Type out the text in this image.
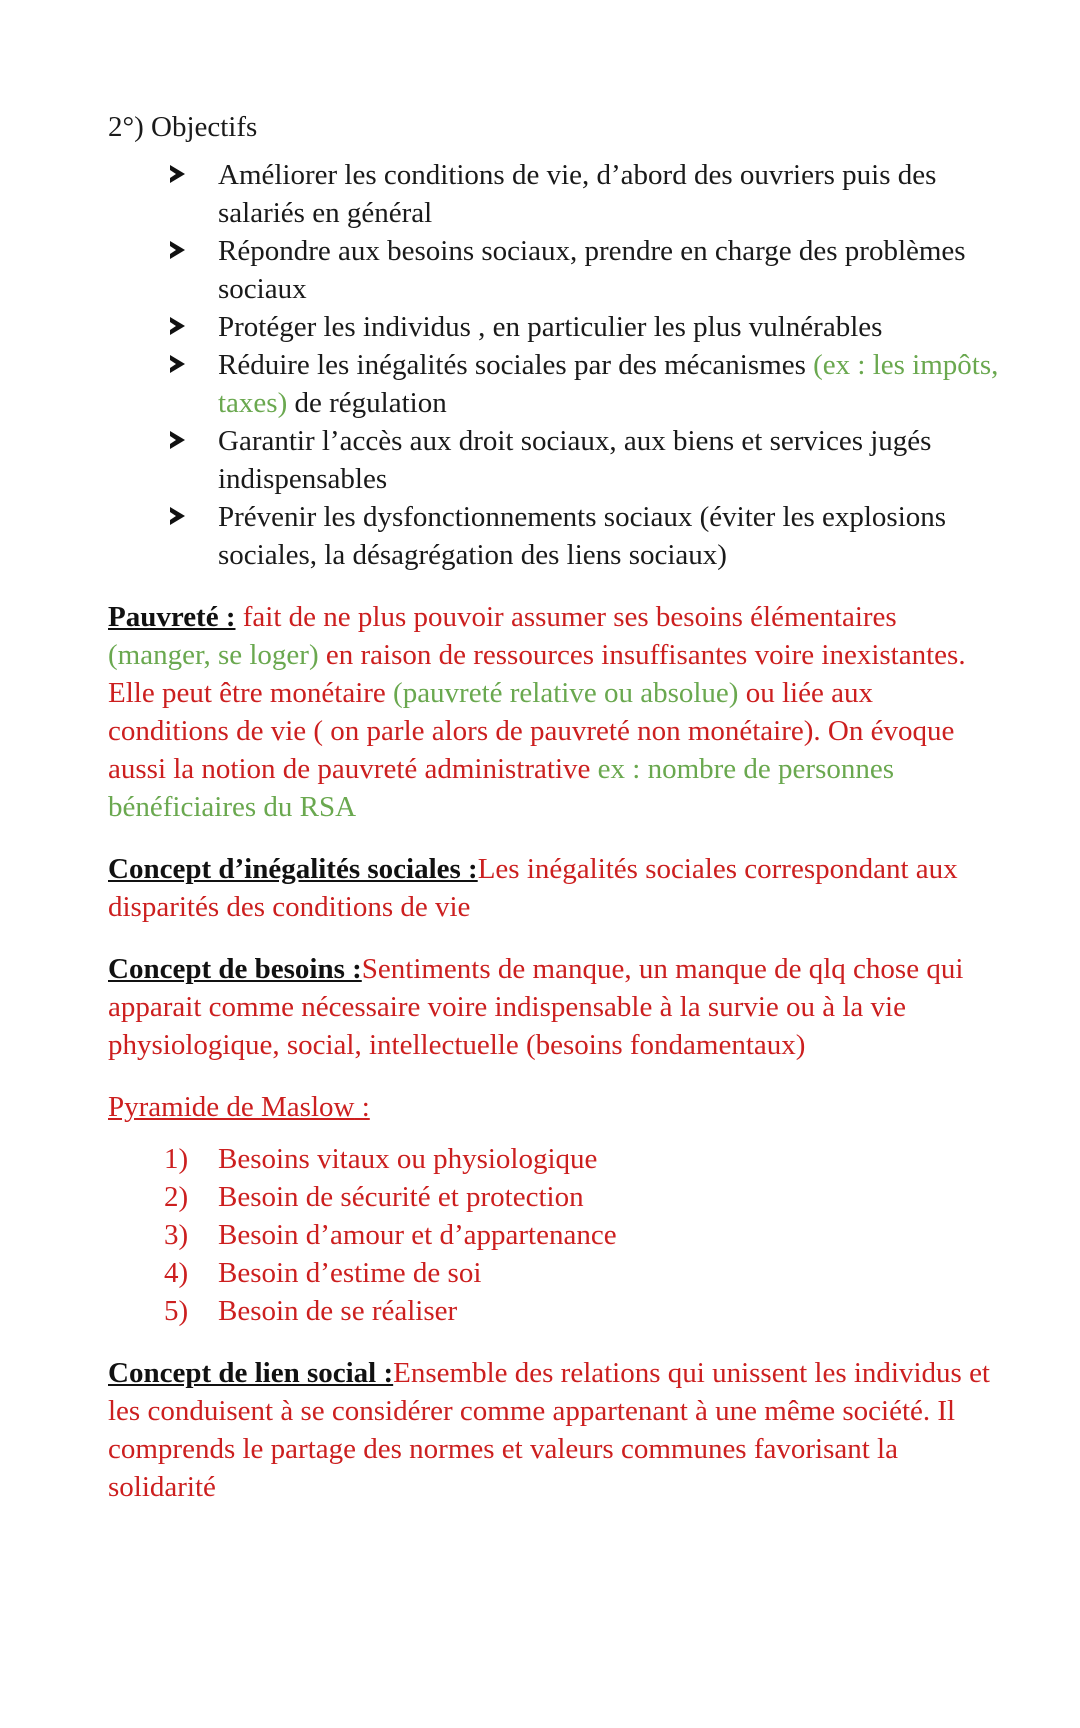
2°) Objectifs
Améliorer les conditions de vie, d’abord des ouvriers puis des salariés en général
Répondre aux besoins sociaux, prendre en charge des problèmes sociaux
Protéger les individus , en particulier les plus vulnérables
Réduire les inégalités sociales par des mécanismes (ex : les impôts, taxes) de régulation
Garantir l’accès aux droit sociaux, aux biens et services jugés indispensables
Prévenir les dysfonctionnements sociaux (éviter les explosions sociales, la désagrégation des liens sociaux)

Pauvreté : fait de ne plus pouvoir assumer ses besoins élémentaires (manger, se loger) en raison de ressources insuffisantes voire inexistantes. Elle peut être monétaire (pauvreté relative ou absolue) ou liée aux conditions de vie ( on parle alors de pauvreté non monétaire). On évoque aussi la notion de pauvreté administrative ex : nombre de personnes bénéficiaires du RSA

Concept d’inégalités sociales :Les inégalités sociales correspondant aux disparités des conditions de vie

Concept de besoins :Sentiments de manque, un manque de qlq chose qui apparait comme nécessaire voire indispensable à la survie ou à la vie physiologique, social, intellectuelle (besoins fondamentaux)

Pyramide de Maslow :

1) Besoins vitaux ou physiologique
2) Besoin de sécurité et protection
3) Besoin d’amour et d’appartenance
4) Besoin d’estime de soi
5) Besoin de se réaliser

Concept de lien social :Ensemble des relations qui unissent les individus et les conduisent à se considérer comme appartenant à une même société. Il comprends le partage des normes et valeurs communes favorisant la solidarité
